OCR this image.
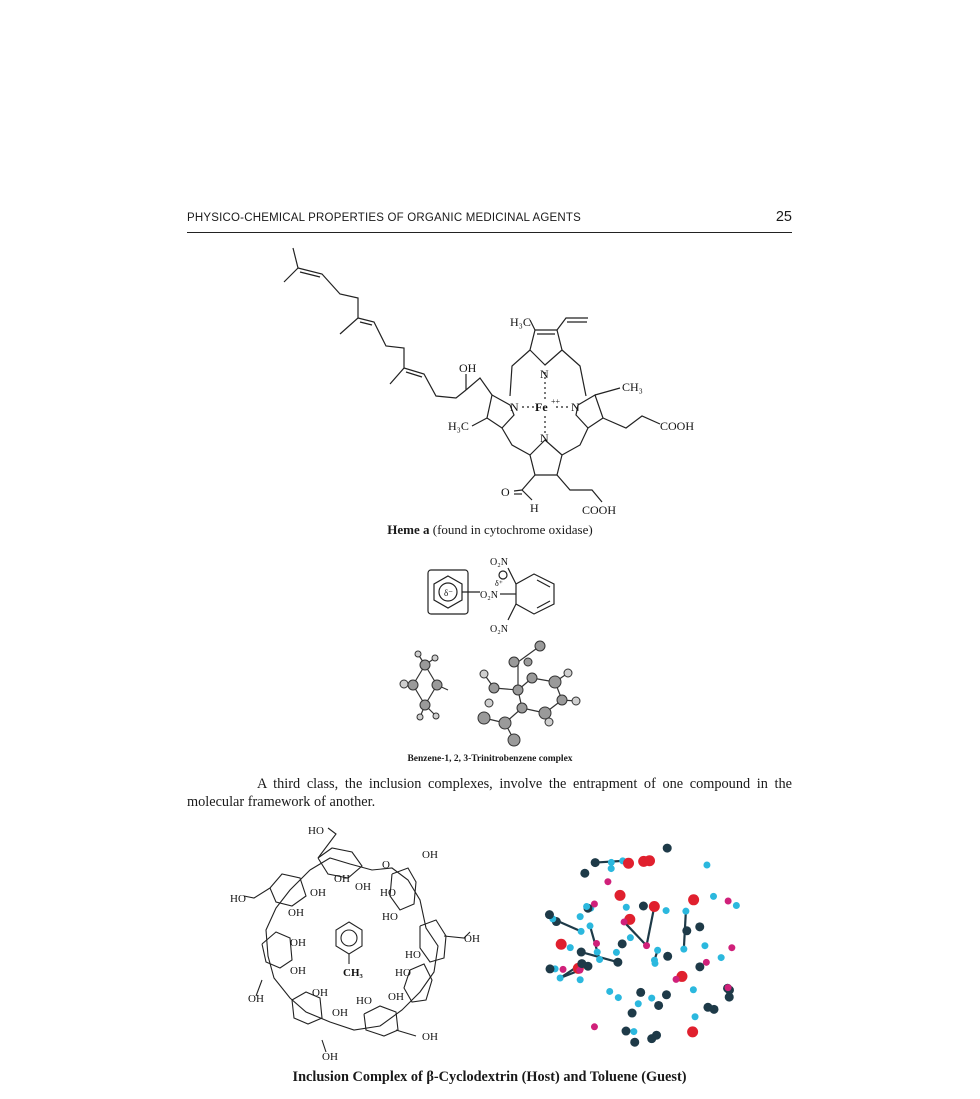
PHYSICO-CHEMICAL PROPERTIES OF ORGANIC MEDICINAL AGENTS	25
H₃C
OH	N
N	N
N
Fe ++
CH₃
H₃C	COOH
O
H	COOH
Heme a (found in cytochrome oxidase)
O₂N
O₂N
O₂N
δ⁻
δ⁺
Benzene-1, 2, 3-Trinitrobenzene complex
A third class, the inclusion complexes, involve the entrapment of one compound in the molecular framework of another.
HO
OH
OH
OH HO
OH
HO
OH	HO
OH
OH
OH
HO
CH₃	HO
OH	OH	OH
HO
OH
OH
OH
O
Inclusion Complex of β-Cyclodextrin (Host) and Toluene (Guest)
